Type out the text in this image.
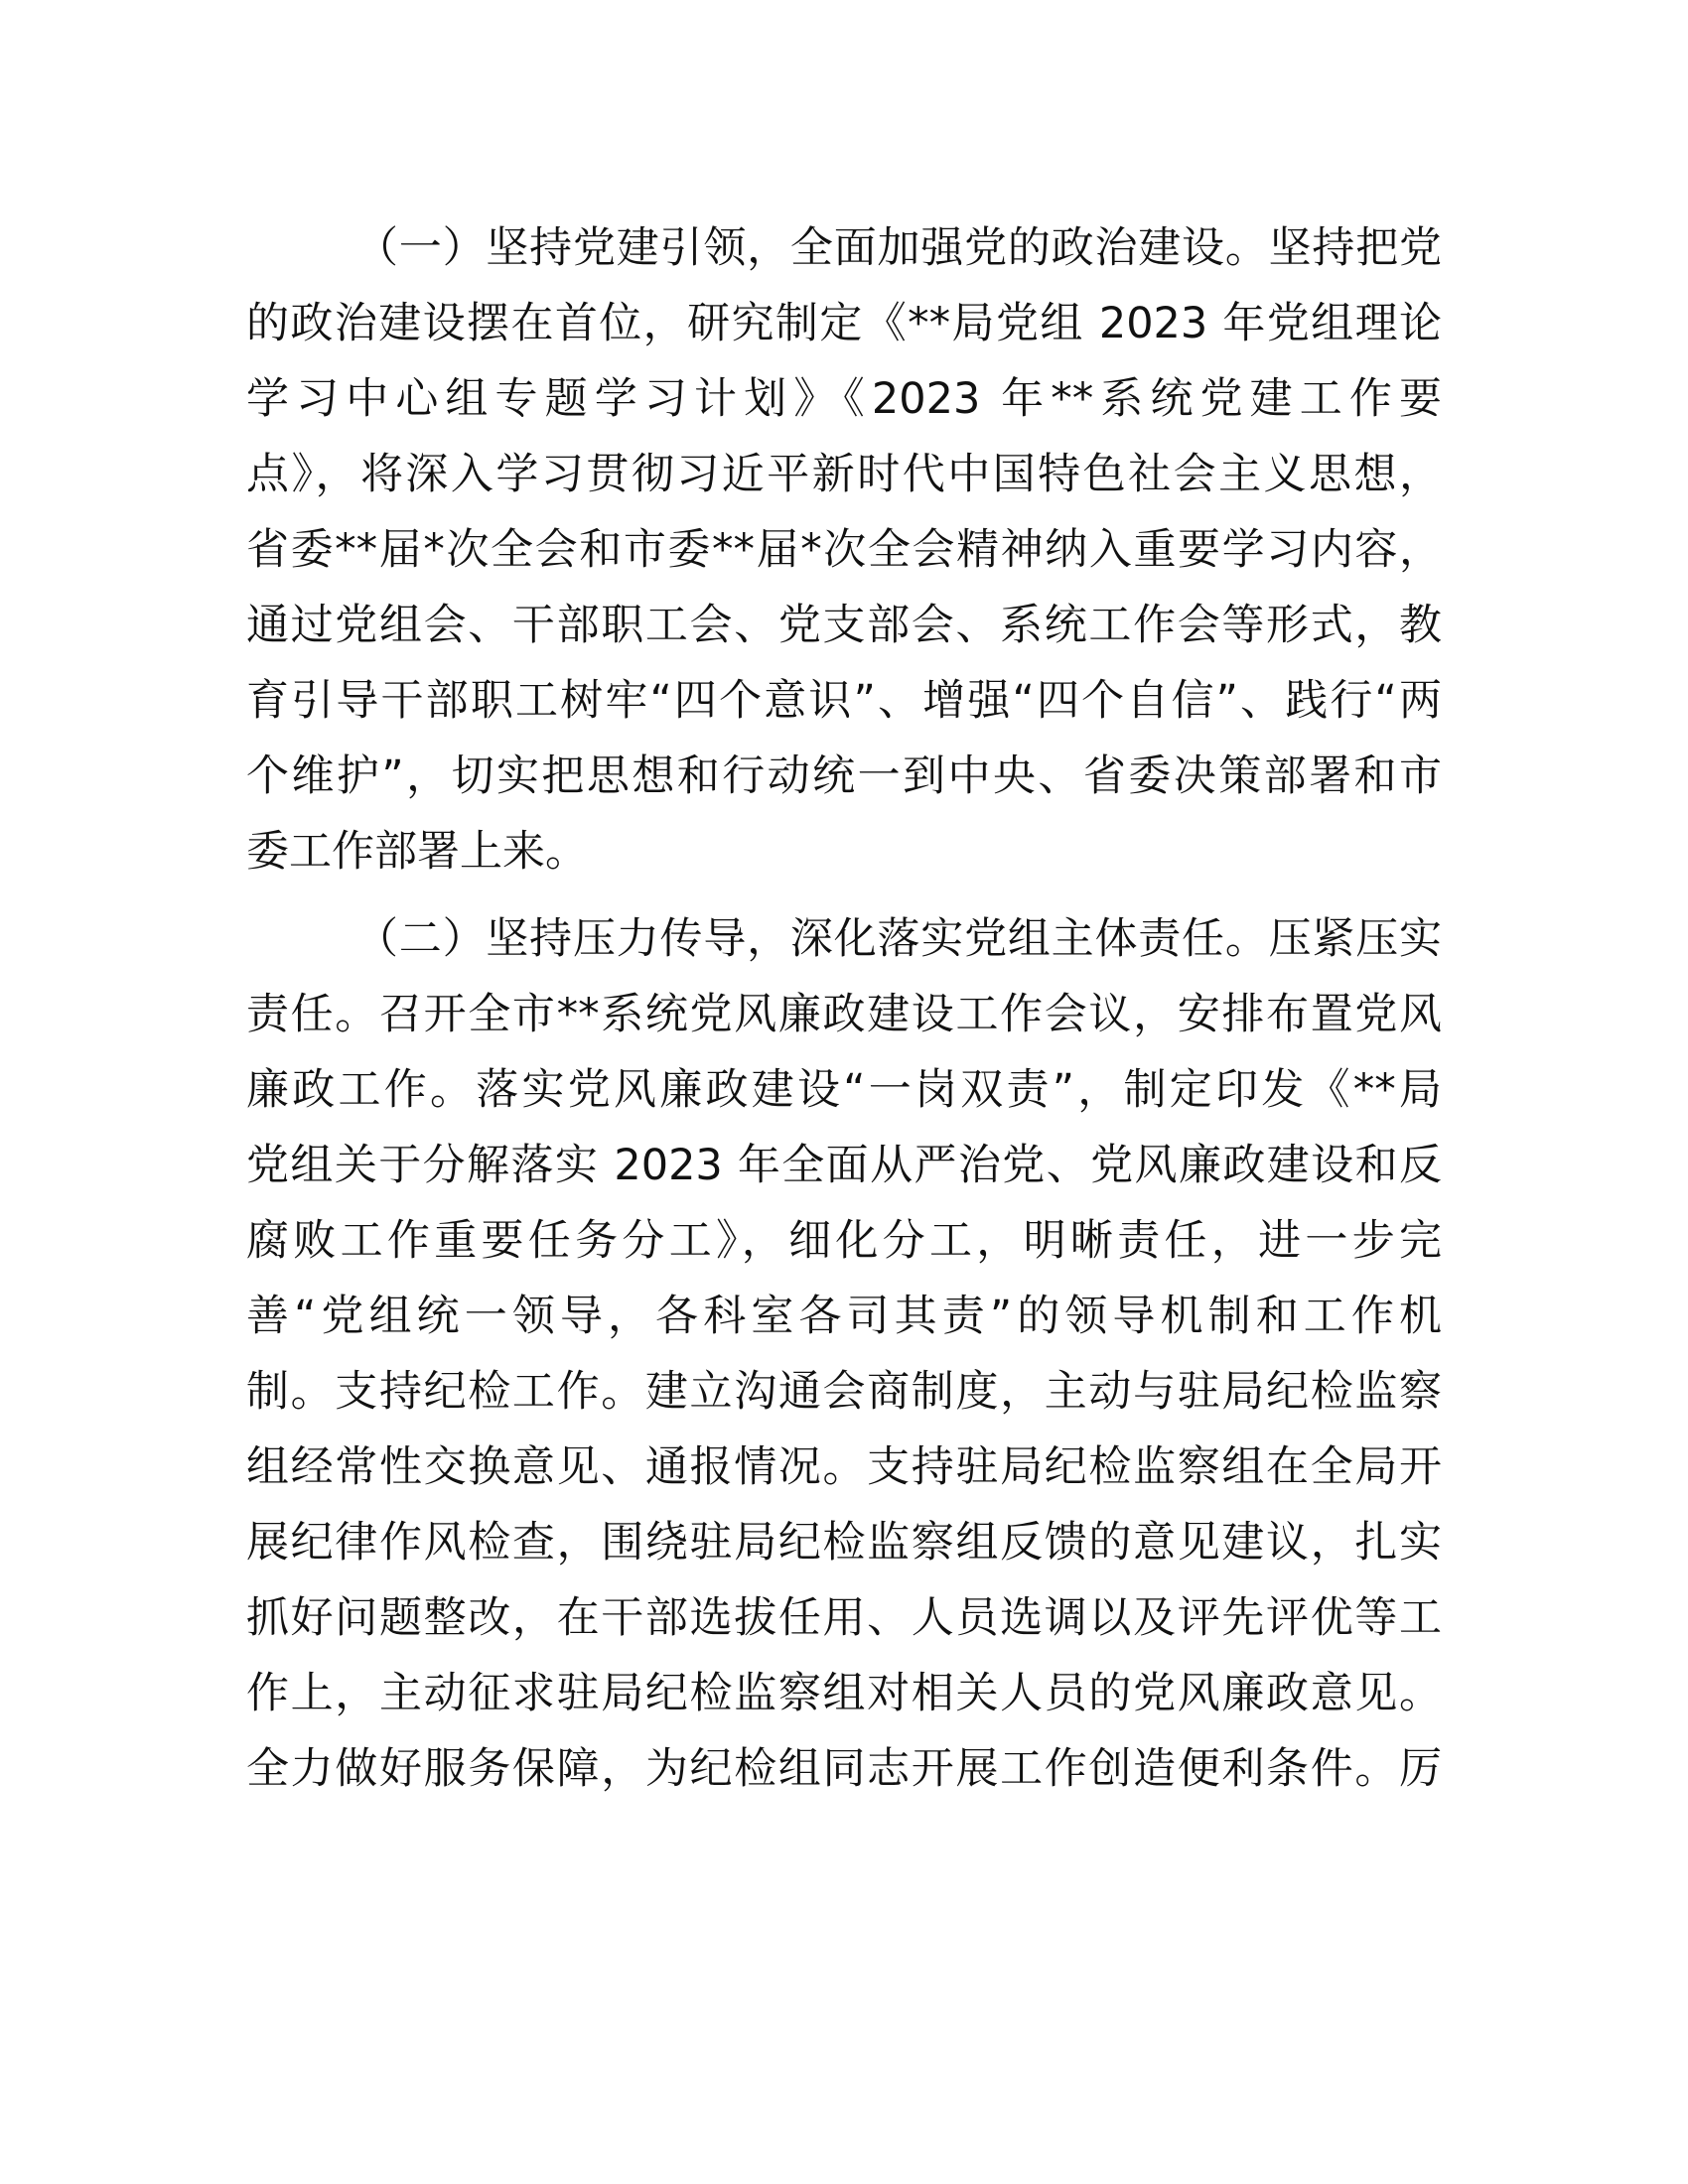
（一）坚持党建引领，全面加强党的政治建设。坚持把党
的政治建设摆在首位，研究制定《**局党组 2023 年党组理论
学习中心组专题学习计划》《2023 年**系统党建工作要
点》，将深入学习贯彻习近平新时代中国特色社会主义思想，
省委**届*次全会和市委**届*次全会精神纳入重要学习内容，
通过党组会、干部职工会、党支部会、系统工作会等形式，教
育引导干部职工树牢“四个意识”、增强“四个自信”、践行“两
个维护”，切实把思想和行动统一到中央、省委决策部署和市
委工作部署上来。
（二）坚持压力传导，深化落实党组主体责任。压紧压实
责任。召开全市**系统党风廉政建设工作会议，安排布置党风
廉政工作。落实党风廉政建设“一岗双责”，制定印发《**局
党组关于分解落实 2023 年全面从严治党、党风廉政建设和反
腐败工作重要任务分工》，细化分工，明晰责任，进一步完
善“党组统一领导，各科室各司其责”的领导机制和工作机
制。支持纪检工作。建立沟通会商制度，主动与驻局纪检监察
组经常性交换意见、通报情况。支持驻局纪检监察组在全局开
展纪律作风检查，围绕驻局纪检监察组反馈的意见建议，扎实
抓好问题整改，在干部选拔任用、人员选调以及评先评优等工
作上，主动征求驻局纪检监察组对相关人员的党风廉政意见。
全力做好服务保障，为纪检组同志开展工作创造便利条件。厉
